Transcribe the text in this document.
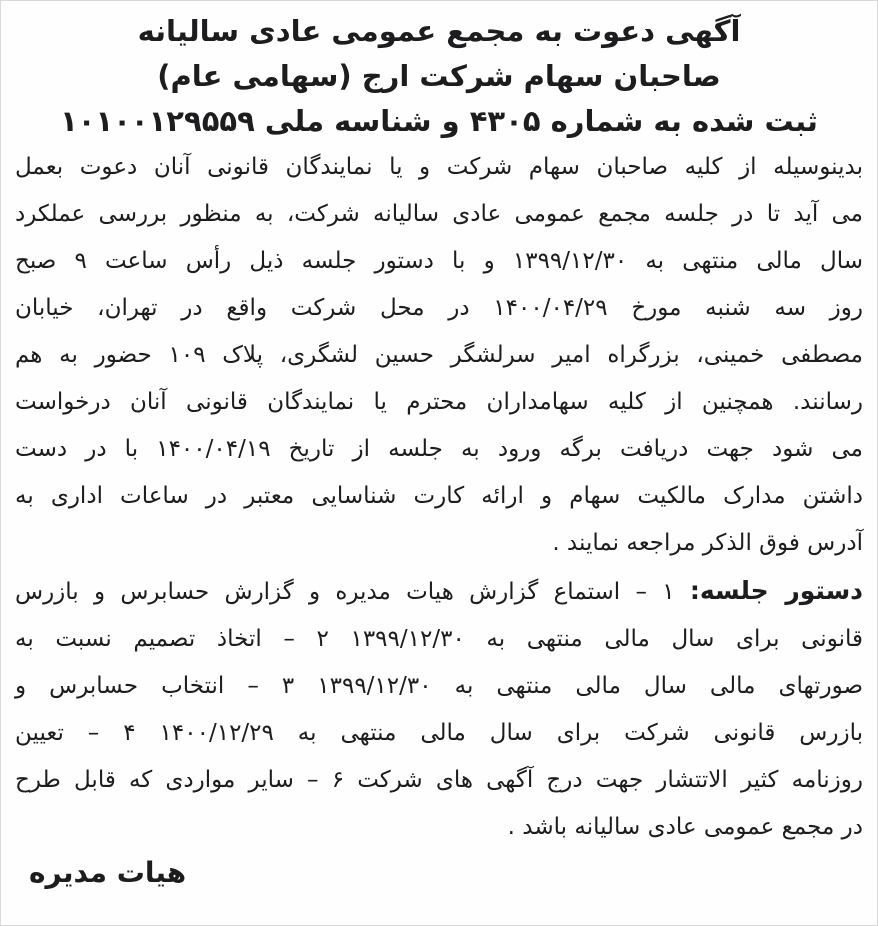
آگهی دعوت به مجمع عمومی عادی سالیانه
صاحبان سهام شرکت ارج (سهامی عام)
ثبت شده به شماره ۴۳۰۵ و شناسه ملی ۱۰۱۰۰۱۲۹۵۵۹
بدینوسیله از کلیه صاحبان سهام شرکت و یا نمایندگان قانونی آنان دعوت بعمل
می آید تا در جلسه مجمع عمومی عادی سالیانه شرکت، به منظور بررسی عملکرد
سال مالی منتهی به ۱۳۹۹/۱۲/۳۰ و با دستور جلسه ذیل رأس ساعت ۹ صبح
روز سه شنبه مورخ ۱۴۰۰/۰۴/۲۹ در محل شرکت واقع در تهران، خیابان
مصطفی خمینی، بزرگراه امیر سرلشگر حسین لشگری، پلاک ۱۰۹ حضور به هم
رسانند. همچنین از کلیه سهامداران محترم یا نمایندگان قانونی آنان درخواست
می شود جهت دریافت برگه ورود به جلسه از تاریخ ۱۴۰۰/۰۴/۱۹ با در دست
داشتن مدارک مالکیت سهام و ارائه کارت شناسایی معتبر در ساعات اداری به
آدرس فوق الذکر مراجعه نمایند .
دستور جلسه: ۱ – استماع گزارش هیات مدیره و گزارش حسابرس و بازرس
قانونی برای سال مالی منتهی به ۱۳۹۹/۱۲/۳۰ ۲ – اتخاذ تصمیم نسبت به
صورتهای مالی سال مالی منتهی به ۱۳۹۹/۱۲/۳۰ ۳ – انتخاب حسابرس و
بازرس قانونی شرکت برای سال مالی منتهی به ۱۴۰۰/۱۲/۲۹ ۴ – تعیین
روزنامه کثیر الاتتشار جهت درج آگهی های شرکت ۶ – سایر مواردی که قابل طرح
در مجمع عمومی عادی سالیانه باشد .
هیات مدیره
